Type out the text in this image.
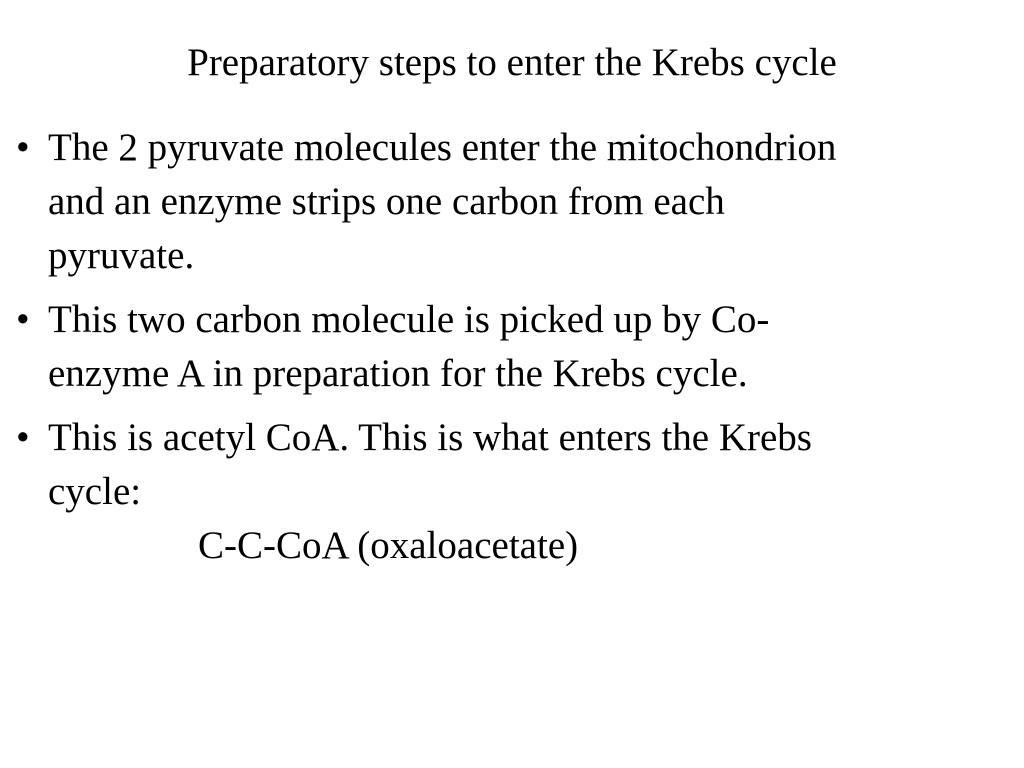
Preparatory steps to enter the Krebs cycle
• The 2 pyruvate molecules enter the mitochondrion
and an enzyme strips one carbon from each
pyruvate.
• This two carbon molecule is picked up by Co-
enzyme A in preparation for the Krebs cycle.
• This is acetyl CoA. This is what enters the Krebs
cycle:
C-C-CoA (oxaloacetate)
